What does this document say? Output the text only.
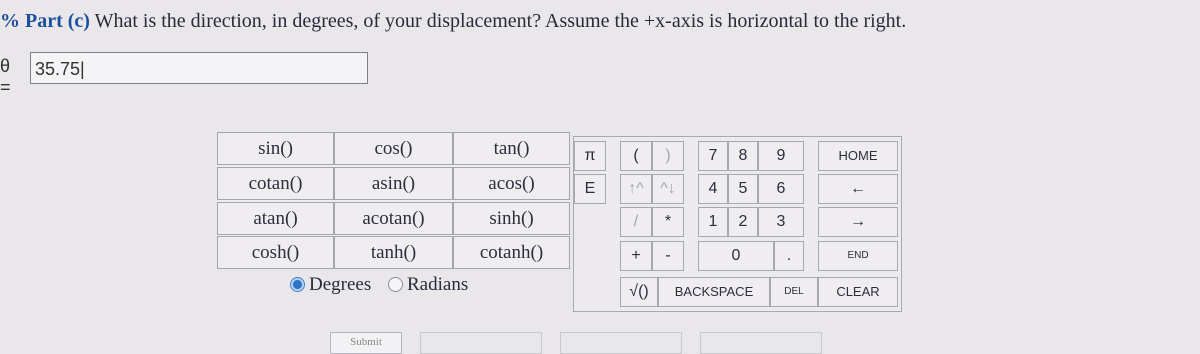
% Part (c) What is the direction, in degrees, of your displacement? Assume the +x-axis is horizontal to the right.
θ =
35.75|
sin()	cos()	tan()
cotan()	asin()	acos()
atan()	acotan()	sinh()
cosh()	tanh()	cotanh()
Degrees Radians
π	(	)	7	8	9	HOME
E	↑^	^↓	4	5	6	←
/	*	1	2	3	→
+	-	0	.	END
√()	BACKSPACE	DEL	CLEAR
Submit
